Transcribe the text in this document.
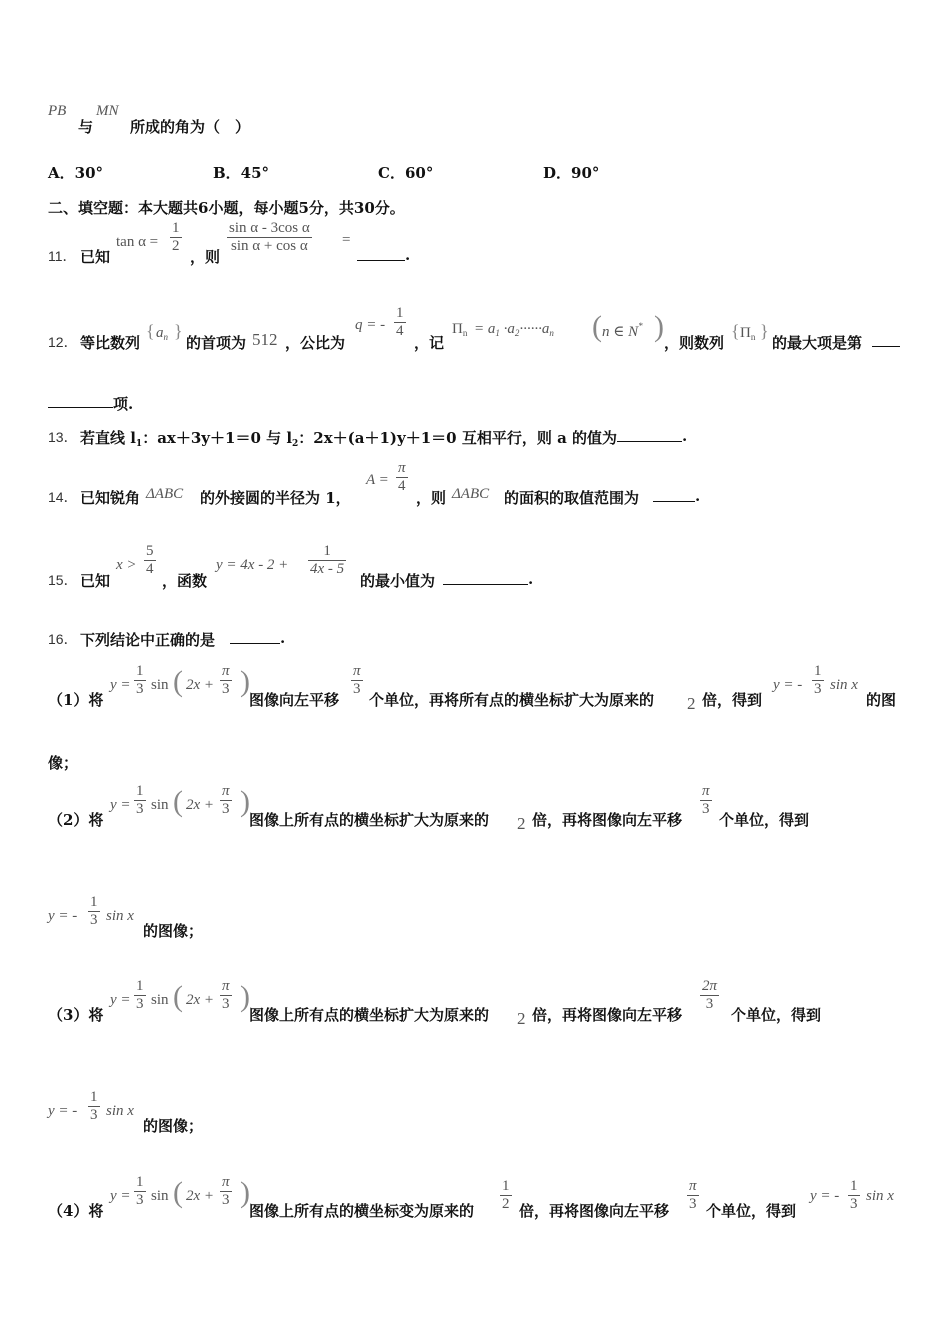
PB
与
MN
所成的角为（　）
A．30°	B．45°	C．60°	D．90°
二、填空题：本大题共6小题，每小题5分，共30分。
11． 已知
$\tan \alpha = \frac{1}{2}$
，则
$\frac{\text{sin α - 3cos α}}{\text{sin α + cos α}}$ =
.
12． 等比数列
{ $a_n$ }
的首项为 512 ，公比为
q = - $\frac{1}{4}$
，记
$\Pi_n = a_1 \cdot a_2\cdot\cdot\cdot\cdot\cdot\cdot a_n$ ( n ∈ N* ) ，则数列
{ $\Pi_n$ }
的最大项是第
项.
13． 若直线 $l_1$：ax＋3y＋1＝0 与 $l_2$：2x＋(a＋1)y＋1＝0 互相平行，则 a 的值为	.
14． 已知锐角 ΔABC 的外接圆的半径为 1，
$A = \frac{\pi}{4}$
，则 ΔABC 的面积的取值范围为	.
15． 已知
$x > \frac{5}{4}$
，函数
$y = 4x - 2 + \frac{1}{4x - 5}$
的最小值为	.
16． 下列结论中正确的是	.
（1）将
$y = \frac{1}{3}$ sin ( $2x + \frac{\pi}{3}$ )
图像向左平移
$\frac{\pi}{3}$
个单位，再将所有点的横坐标扩大为原来的 2 倍，得到
y = - $\frac{1}{3}$ sin x
的图
像；
（2）将
$y = \frac{1}{3}$ sin ( $2x + \frac{\pi}{3}$ )
图像上所有点的横坐标扩大为原来的 2 倍，再将图像向左平移
$\frac{\pi}{3}$
个单位，得到
y = - $\frac{1}{3}$ sin x
的图像；
（3）将
$y = \frac{1}{3}$ sin ( $2x + \frac{\pi}{3}$ )
图像上所有点的横坐标扩大为原来的 2 倍，再将图像向左平移
$\frac{2\pi}{3}$
个单位，得到
y = - $\frac{1}{3}$ sin x
的图像；
（4）将
$y = \frac{1}{3}$ sin ( $2x + \frac{\pi}{3}$ )
图像上所有点的横坐标变为原来的 $\frac{1}{2}$ 倍，再将图像向左平移 $\frac{\pi}{3}$ 个单位，得到
y = - $\frac{1}{3}$ sin x
